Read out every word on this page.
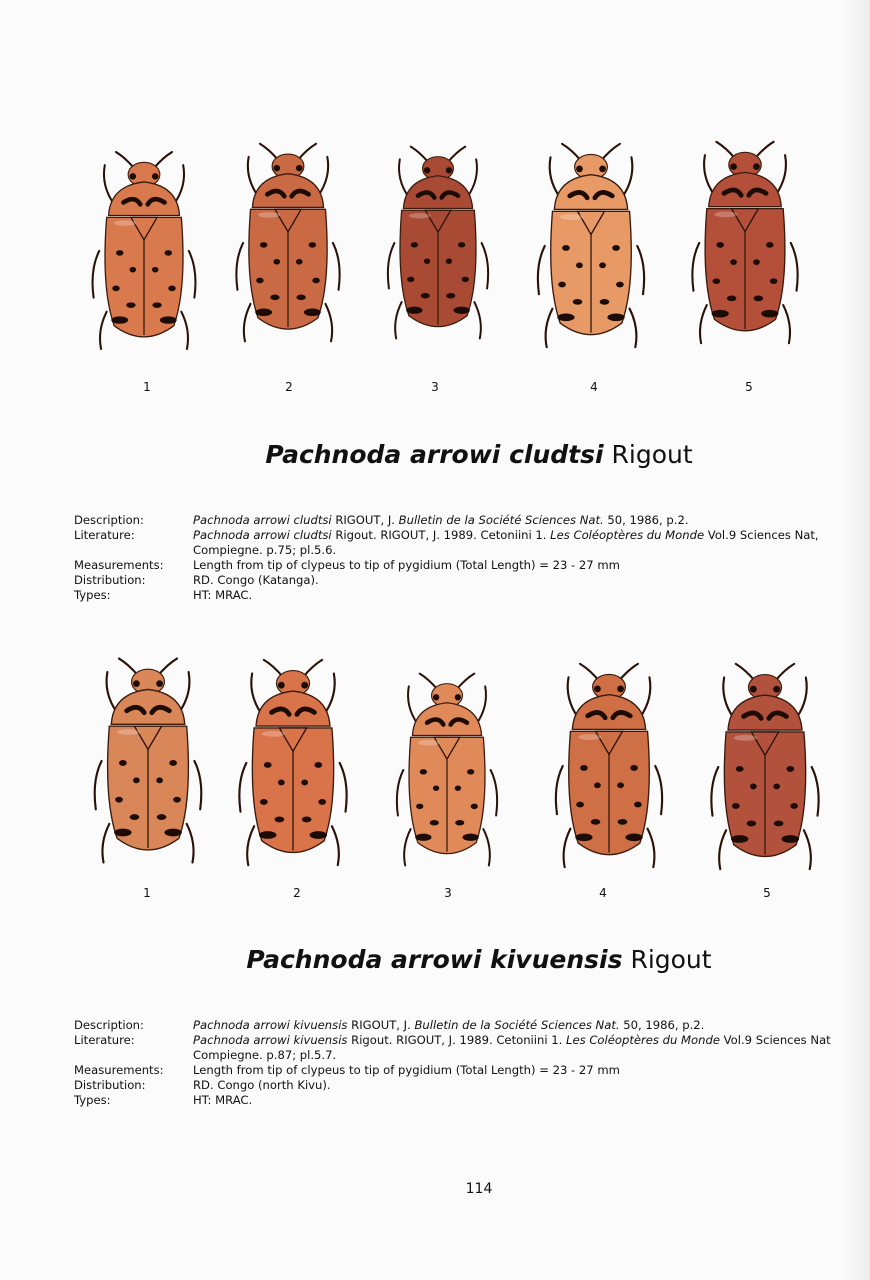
1	2	3	4	5
Pachnoda arrowi cludtsi Rigout
Description:	Pachnoda arrowi cludtsi RIGOUT, J. Bulletin de la Société Sciences Nat. 50, 1986, p.2.
Literature:	Pachnoda arrowi cludtsi Rigout. RIGOUT, J. 1989. Cetoniini 1. Les Coléoptères du Monde Vol.9 Sciences Nat,
Compiegne. p.75; pl.5.6.
Measurements:	Length from tip of clypeus to tip of pygidium (Total Length) = 23 - 27 mm
Distribution:	RD. Congo (Katanga).
Types:	HT: MRAC.
1	2	3	4	5
Pachnoda arrowi kivuensis Rigout
Description:	Pachnoda arrowi kivuensis RIGOUT, J. Bulletin de la Société Sciences Nat. 50, 1986, p.2.
Literature:	Pachnoda arrowi kivuensis Rigout. RIGOUT, J. 1989. Cetoniini 1. Les Coléoptères du Monde Vol.9 Sciences Nat
Compiegne. p.87; pl.5.7.
Measurements:	Length from tip of clypeus to tip of pygidium (Total Length) = 23 - 27 mm
Distribution:	RD. Congo (north Kivu).
Types:	HT: MRAC.
114
